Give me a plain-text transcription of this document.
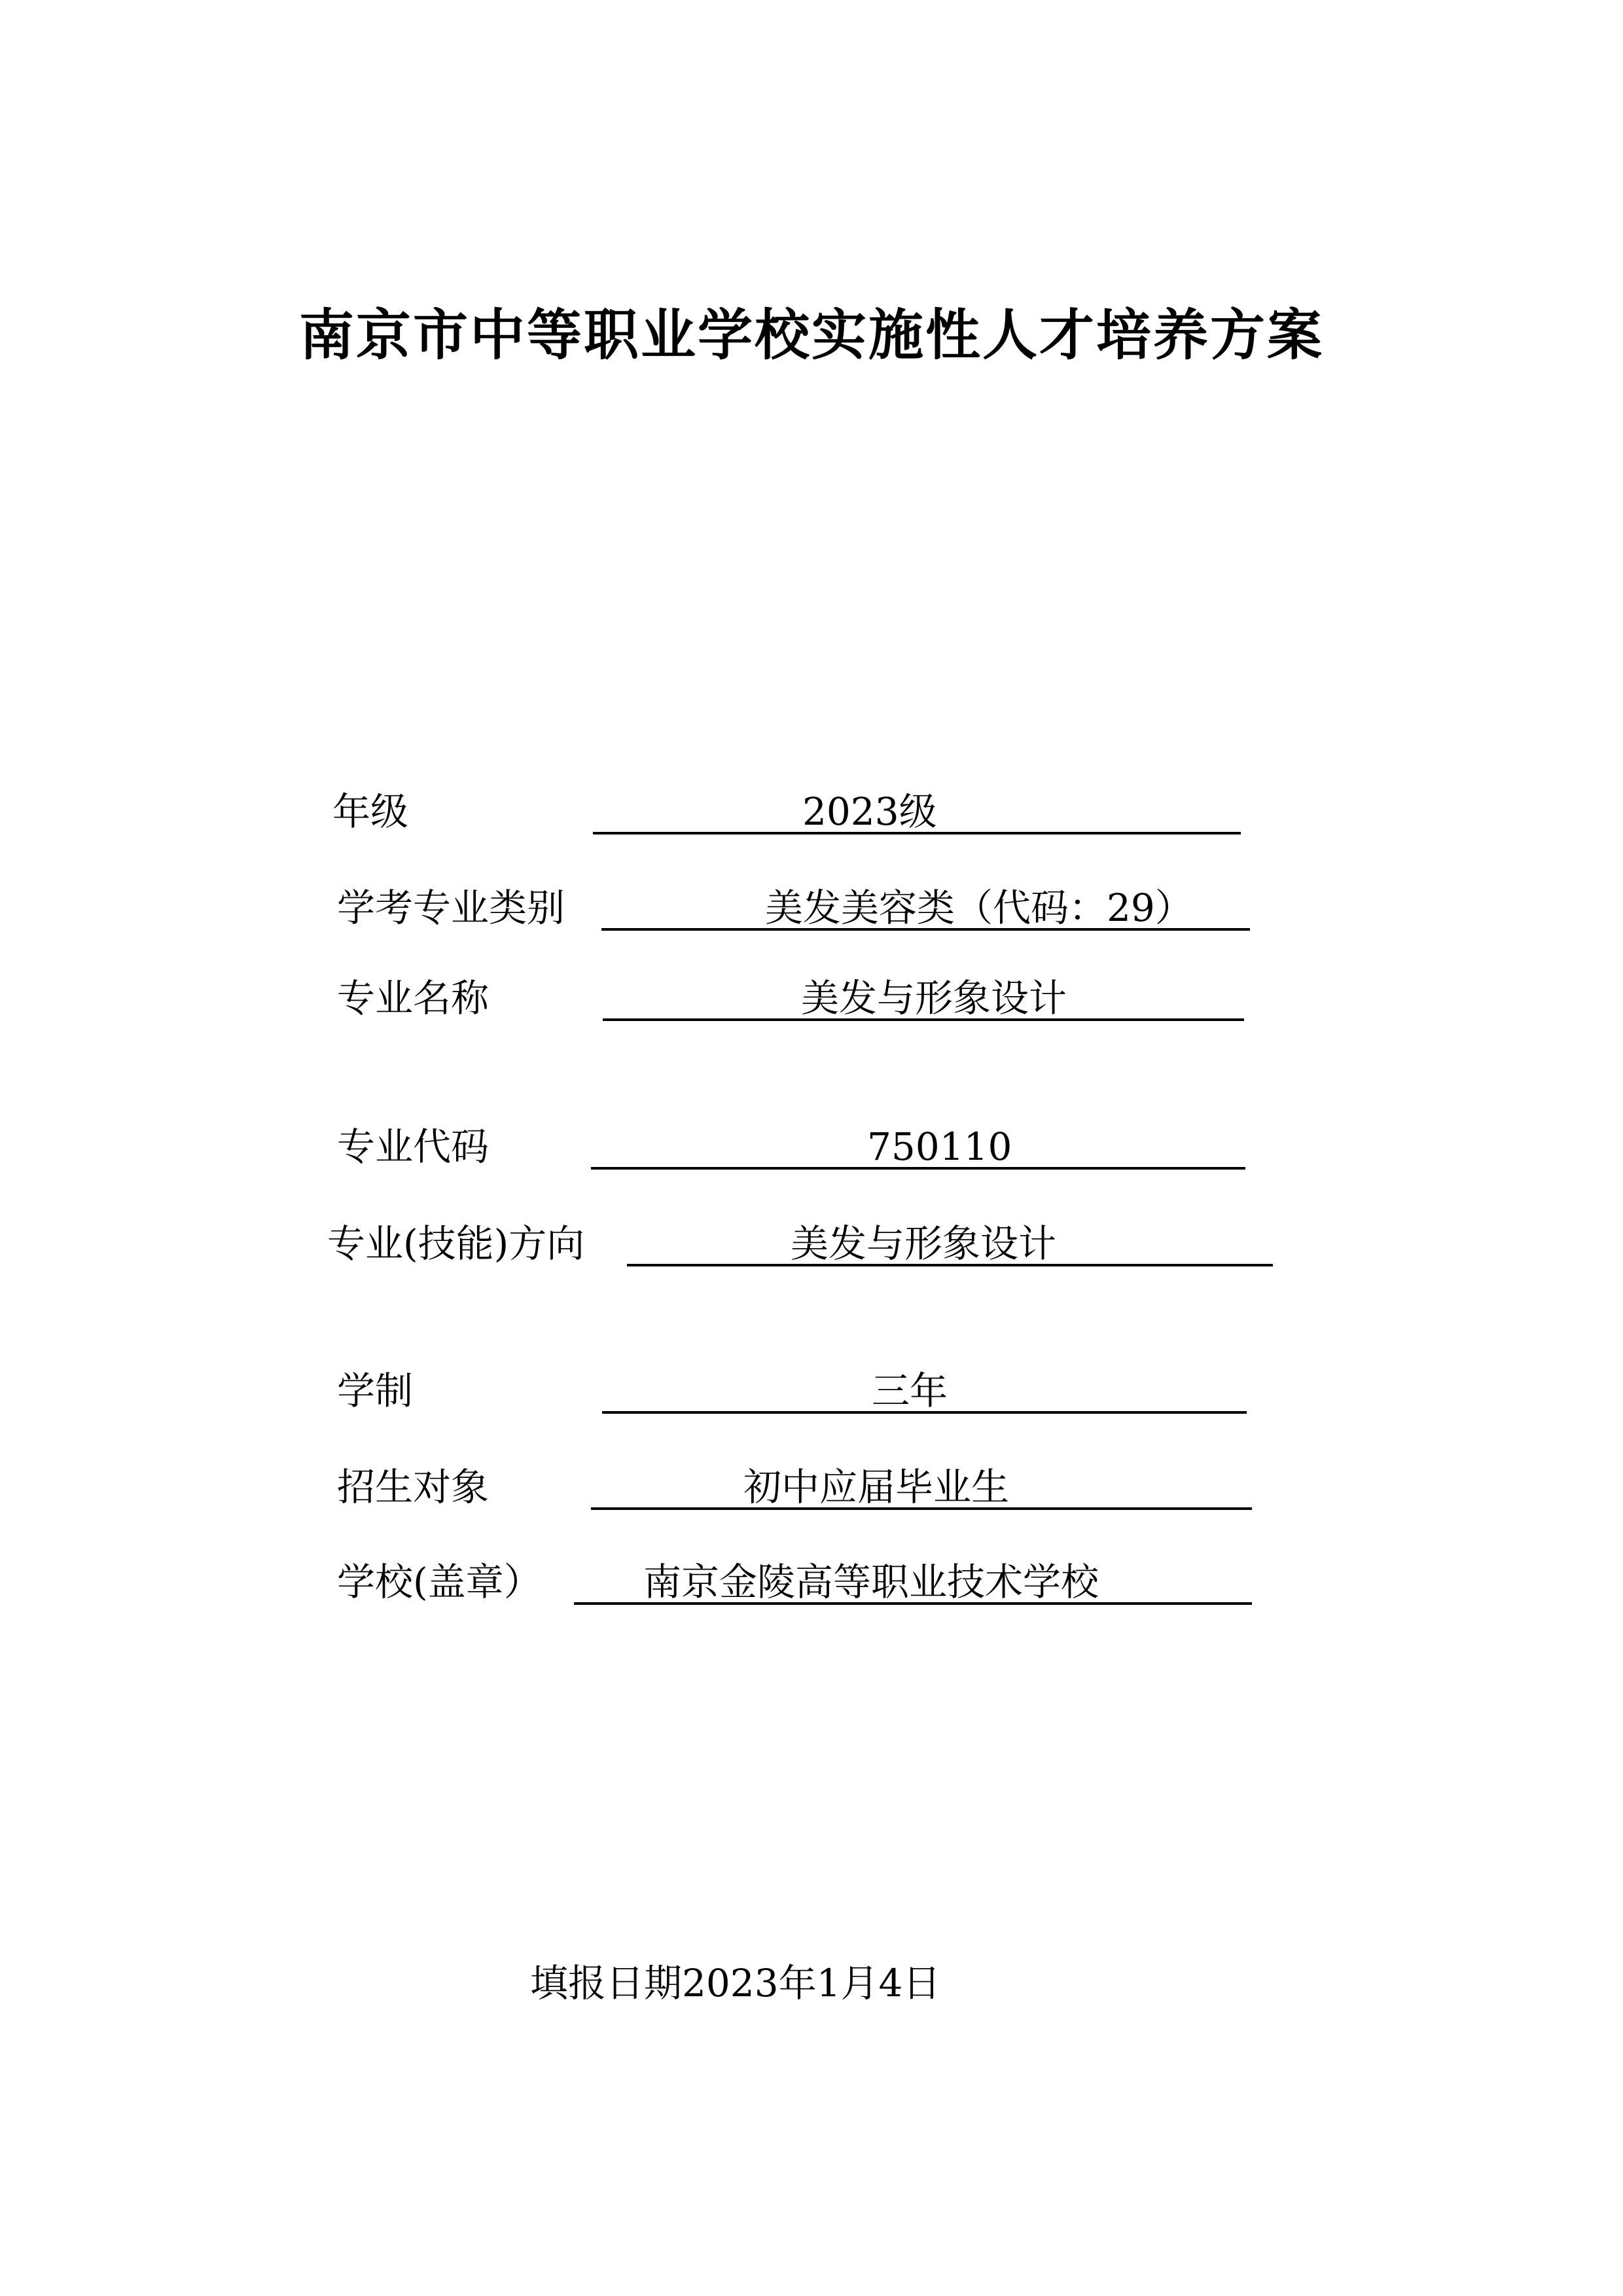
南京市中等职业学校实施性人才培养方案
年级	2023级
学考专业类别	美发美容类（代码：29）
专业名称	美发与形象设计
专业代码	750110
专业(技能)方向	美发与形象设计
学制	三年
招生对象	初中应届毕业生
学校(盖章）	南京金陵高等职业技术学校
填报日期2023年1月4日
